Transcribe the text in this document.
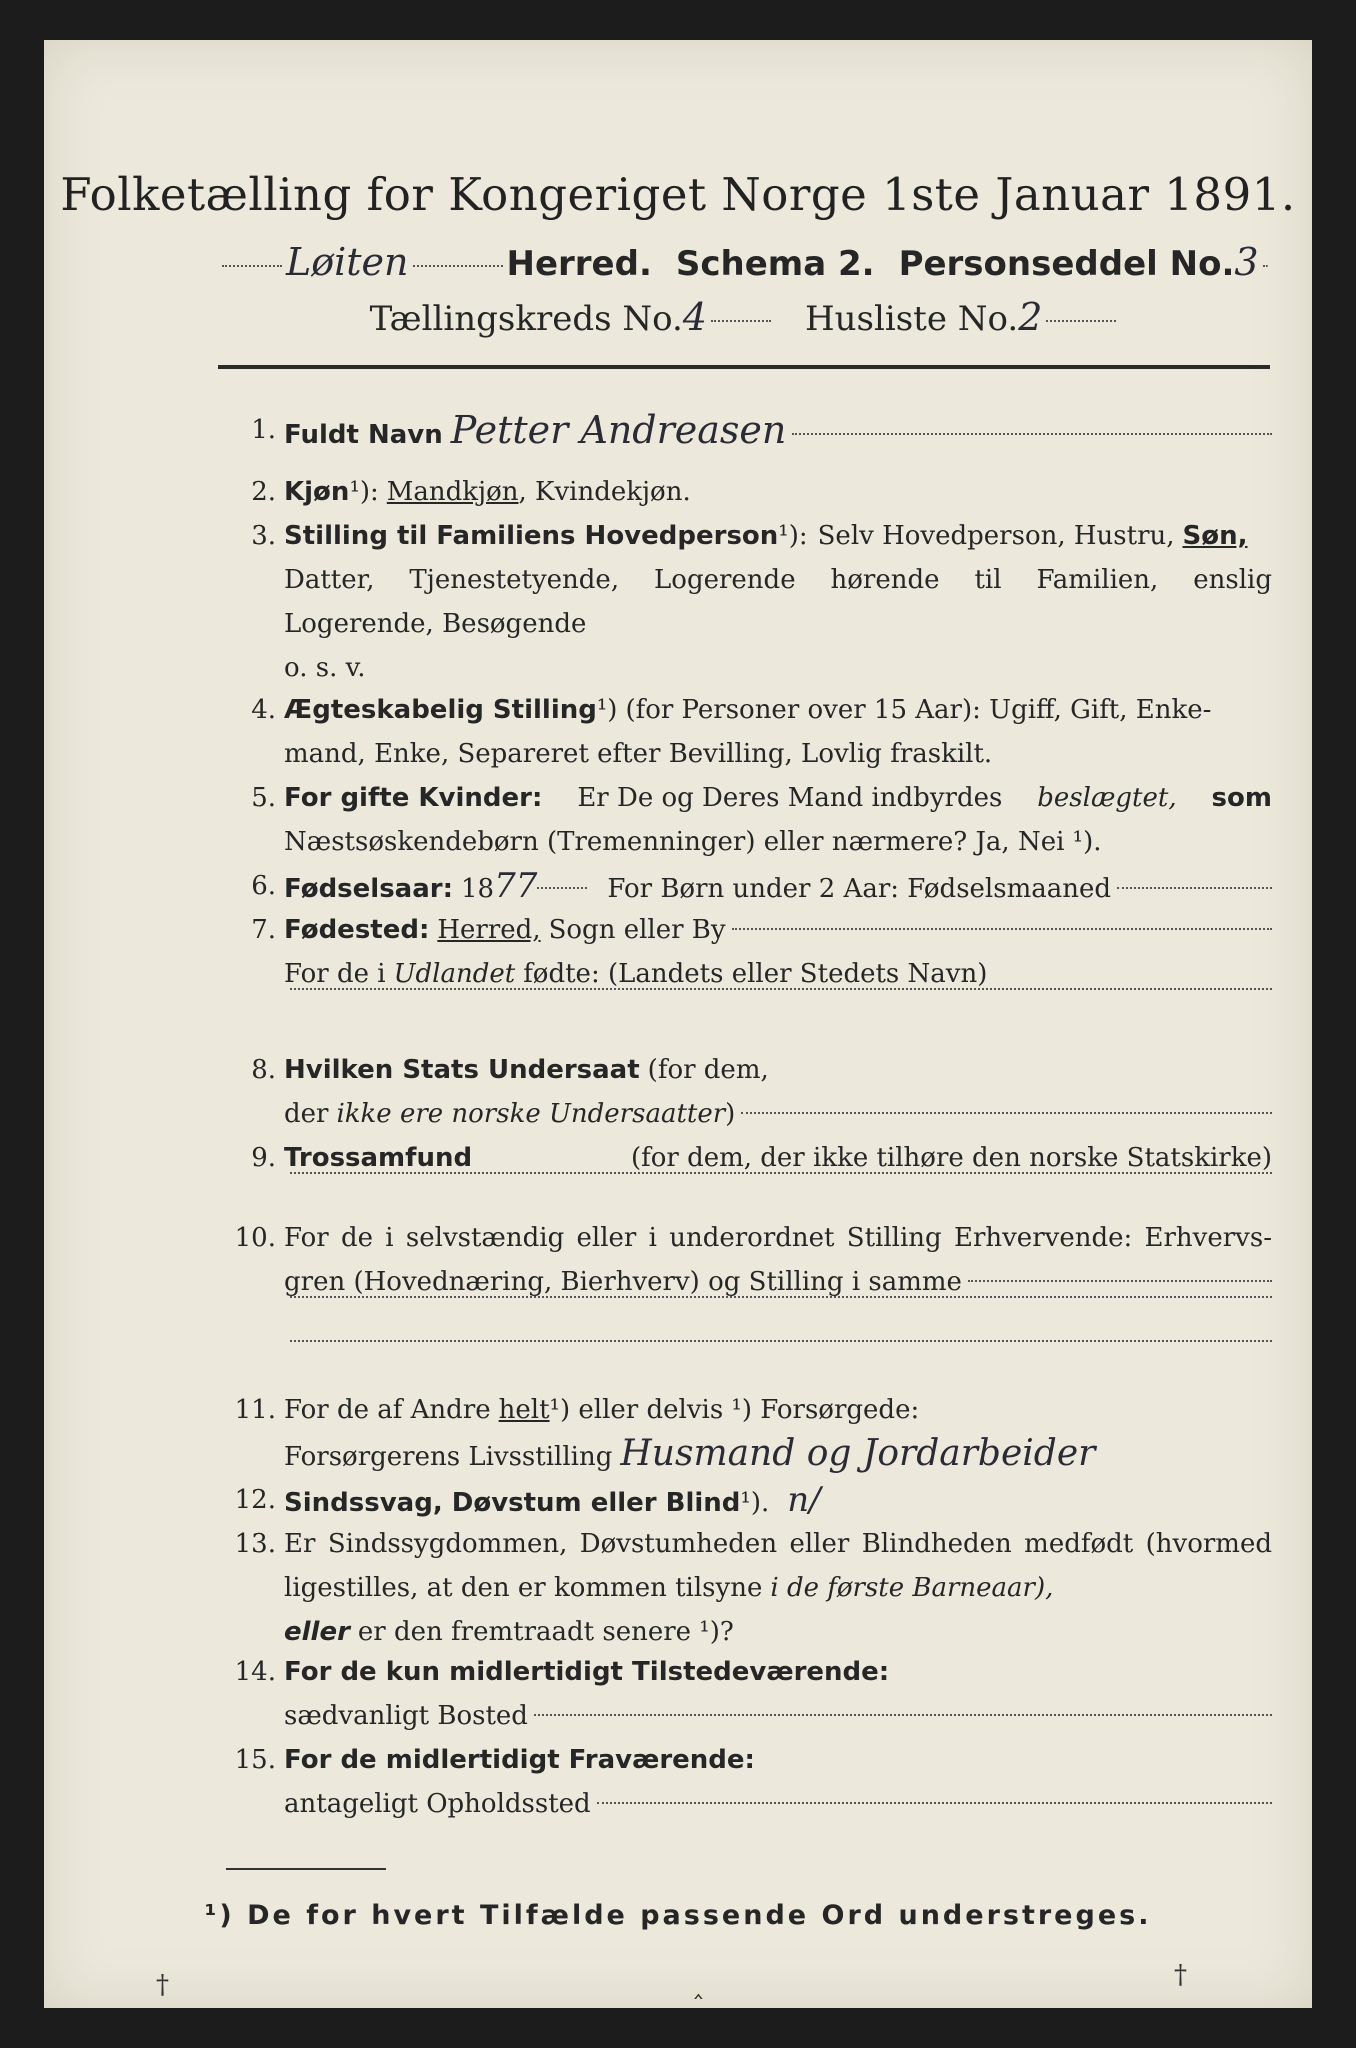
Folketælling for Kongeriget Norge 1ste Januar 1891.
Løiten	Herred. Schema 2. Personseddel No. 3
Tællingskreds No. 4	Husliste No. 2
1. Fuldt Navn Petter Andreasen
2. Kjøn ¹): Mandkjøn , Kvindekjøn.
3. Stilling til Familiens Hovedperson ¹): Selv Hovedperson, Hustru, Søn,
Datter, Tjenestetyende, Logerende hørende til Familien, enslig
Logerende, Besøgende
o. s. v.
4. Ægteskabelig Stilling ¹) (for Personer over 15 Aar): Ugiff, Gift, Enke-
mand, Enke, Separeret efter Bevilling, Lovlig fraskilt.
5. For gifte Kvinder: Er De og Deres Mand indbyrdes beslægtet, som
Næstsøskendebørn (Tremenninger) eller nærmere? Ja, Nei ¹).
6. Fødselsaar: 18 77	For Børn under 2 Aar: Fødselsmaaned
7. Fødested: Herred, Sogn eller By
For de i Udlandet fødte: (Landets eller Stedets Navn)
8. Hvilken Stats Undersaat (for dem,
der ikke ere norske Undersaatter )
9. Trossamfund	(for dem, der ikke tilhøre den norske Statskirke)
10. For de i selvstændig eller i underordnet Stilling Erhvervende: Erhvervs-
gren (Hovednæring, Bierhverv) og Stilling i samme
11. For de af Andre helt ¹) eller delvis ¹) Forsørgede:
Forsørgerens Livsstilling Husmand og Jordarbeider
12. Sindssvag, Døvstum eller Blind ¹). n/
13. Er Sindssygdommen, Døvstumheden eller Blindheden medfødt (hvormed
ligestilles, at den er kommen tilsyne i de første Barneaar),
eller er den fremtraadt senere ¹)?
14. For de kun midlertidigt Tilstedeværende:
sædvanligt Bosted
15. For de midlertidigt Fraværende:
antageligt Opholdssted
¹) De for hvert Tilfælde passende Ord understreges.
†	‸	†
